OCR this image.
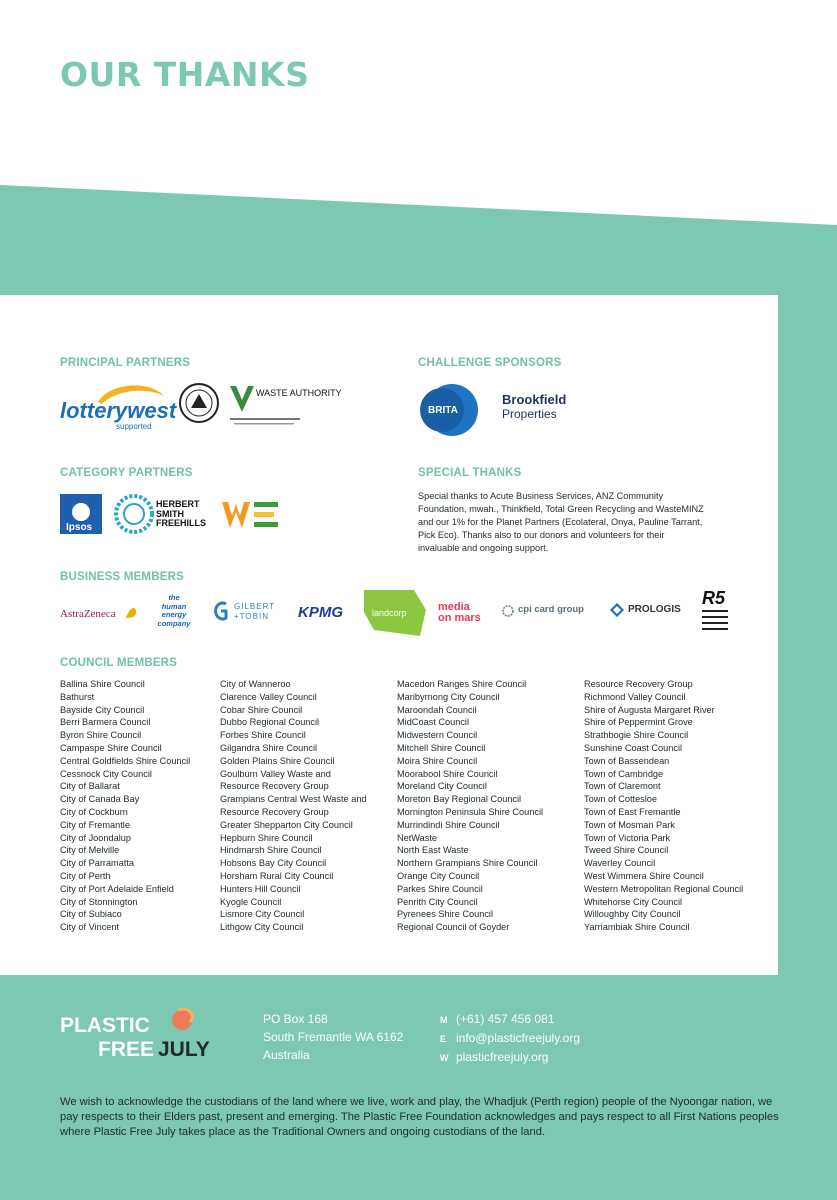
OUR THANKS
PRINCIPAL PARTNERS	CHALLENGE SPONSORS
CATEGORY PARTNERS	SPECIAL THANKS
BUSINESS MEMBERS
COUNCIL MEMBERS
lotterywest
supported
WASTE AUTHORITY
BRITA
Brookfield
Properties
Ipsos
HERBERT
SMITH
FREEHILLS
Special thanks to Acute Business Services, ANZ Community Foundation, mwah., Thinkfield, Total Green Recycling and WasteMINZ and our 1% for the Planet Partners (Ecolateral, Onya, Pauline Tarrant, Pick Eco). Thanks also to our donors and volunteers for their invaluable and ongoing support.
AstraZeneca
the
human
energy
company
GILBERT
+TOBIN	KPMG	landcorp	media
on mars
cpi card group	PROLOGIS
R5
Ballina Shire Council
Bathurst
Bayside City Council
Berri Barmera Council
Byron Shire Council
Campaspe Shire Council
Central Goldfields Shire Council
Cessnock City Council
City of Ballarat
City of Canada Bay
City of Cockburn
City of Fremantle
City of Joondalup
City of Melville
City of Parramatta
City of Perth
City of Port Adelaide Enfield
City of Stonnington
City of Subiaco
City of Vincent
City of Wanneroo
Clarence Valley Council
Cobar Shire Council
Dubbo Regional Council
Forbes Shire Council
Gilgandra Shire Council
Golden Plains Shire Council
Goulburn Valley Waste and
Resource Recovery Group
Grampians Central West Waste and
Resource Recovery Group
Greater Shepparton City Council
Hepburn Shire Council
Hindmarsh Shire Council
Hobsons Bay City Council
Horsham Rural City Council
Hunters Hill Council
Kyogle Council
Lismore City Council
Lithgow City Council
Macedon Ranges Shire Council
Maribyrnong City Council
Maroondah Council
MidCoast Council
Midwestern Council
Mitchell Shire Council
Moira Shire Council
Moorabool Shire Council
Moreland City Council
Moreton Bay Regional Council
Mornington Peninsula Shire Council
Murrindindi Shire Council
NetWaste
North East Waste
Northern Grampians Shire Council
Orange City Council
Parkes Shire Council
Penrith City Council
Pyrenees Shire Council
Regional Council of Goyder
Resource Recovery Group
Richmond Valley Council
Shire of Augusta Margaret River
Shire of Peppermint Grove
Strathbogie Shire Council
Sunshine Coast Council
Town of Bassendean
Town of Cambridge
Town of Claremont
Town of Cottesloe
Town of East Fremantle
Town of Mosman Park
Town of Victoria Park
Tweed Shire Council
Waverley Council
West Wimmera Shire Council
Western Metropolitan Regional Council
Whitehorse City Council
Willoughby City Council
Yarriambiak Shire Council
PLASTIC
FREE JULY
PO Box 168
South Fremantle WA 6162
Australia
M (+61) 457 456 081
E info@plasticfreejuly.org
W plasticfreejuly.org
We wish to acknowledge the custodians of the land where we live, work and play, the Whadjuk (Perth region) people of the Nyoongar nation, we pay respects to their Elders past, present and emerging. The Plastic Free Foundation acknowledges and pays respect to all First Nations peoples where Plastic Free July takes place as the Traditional Owners and ongoing custodians of the land.
